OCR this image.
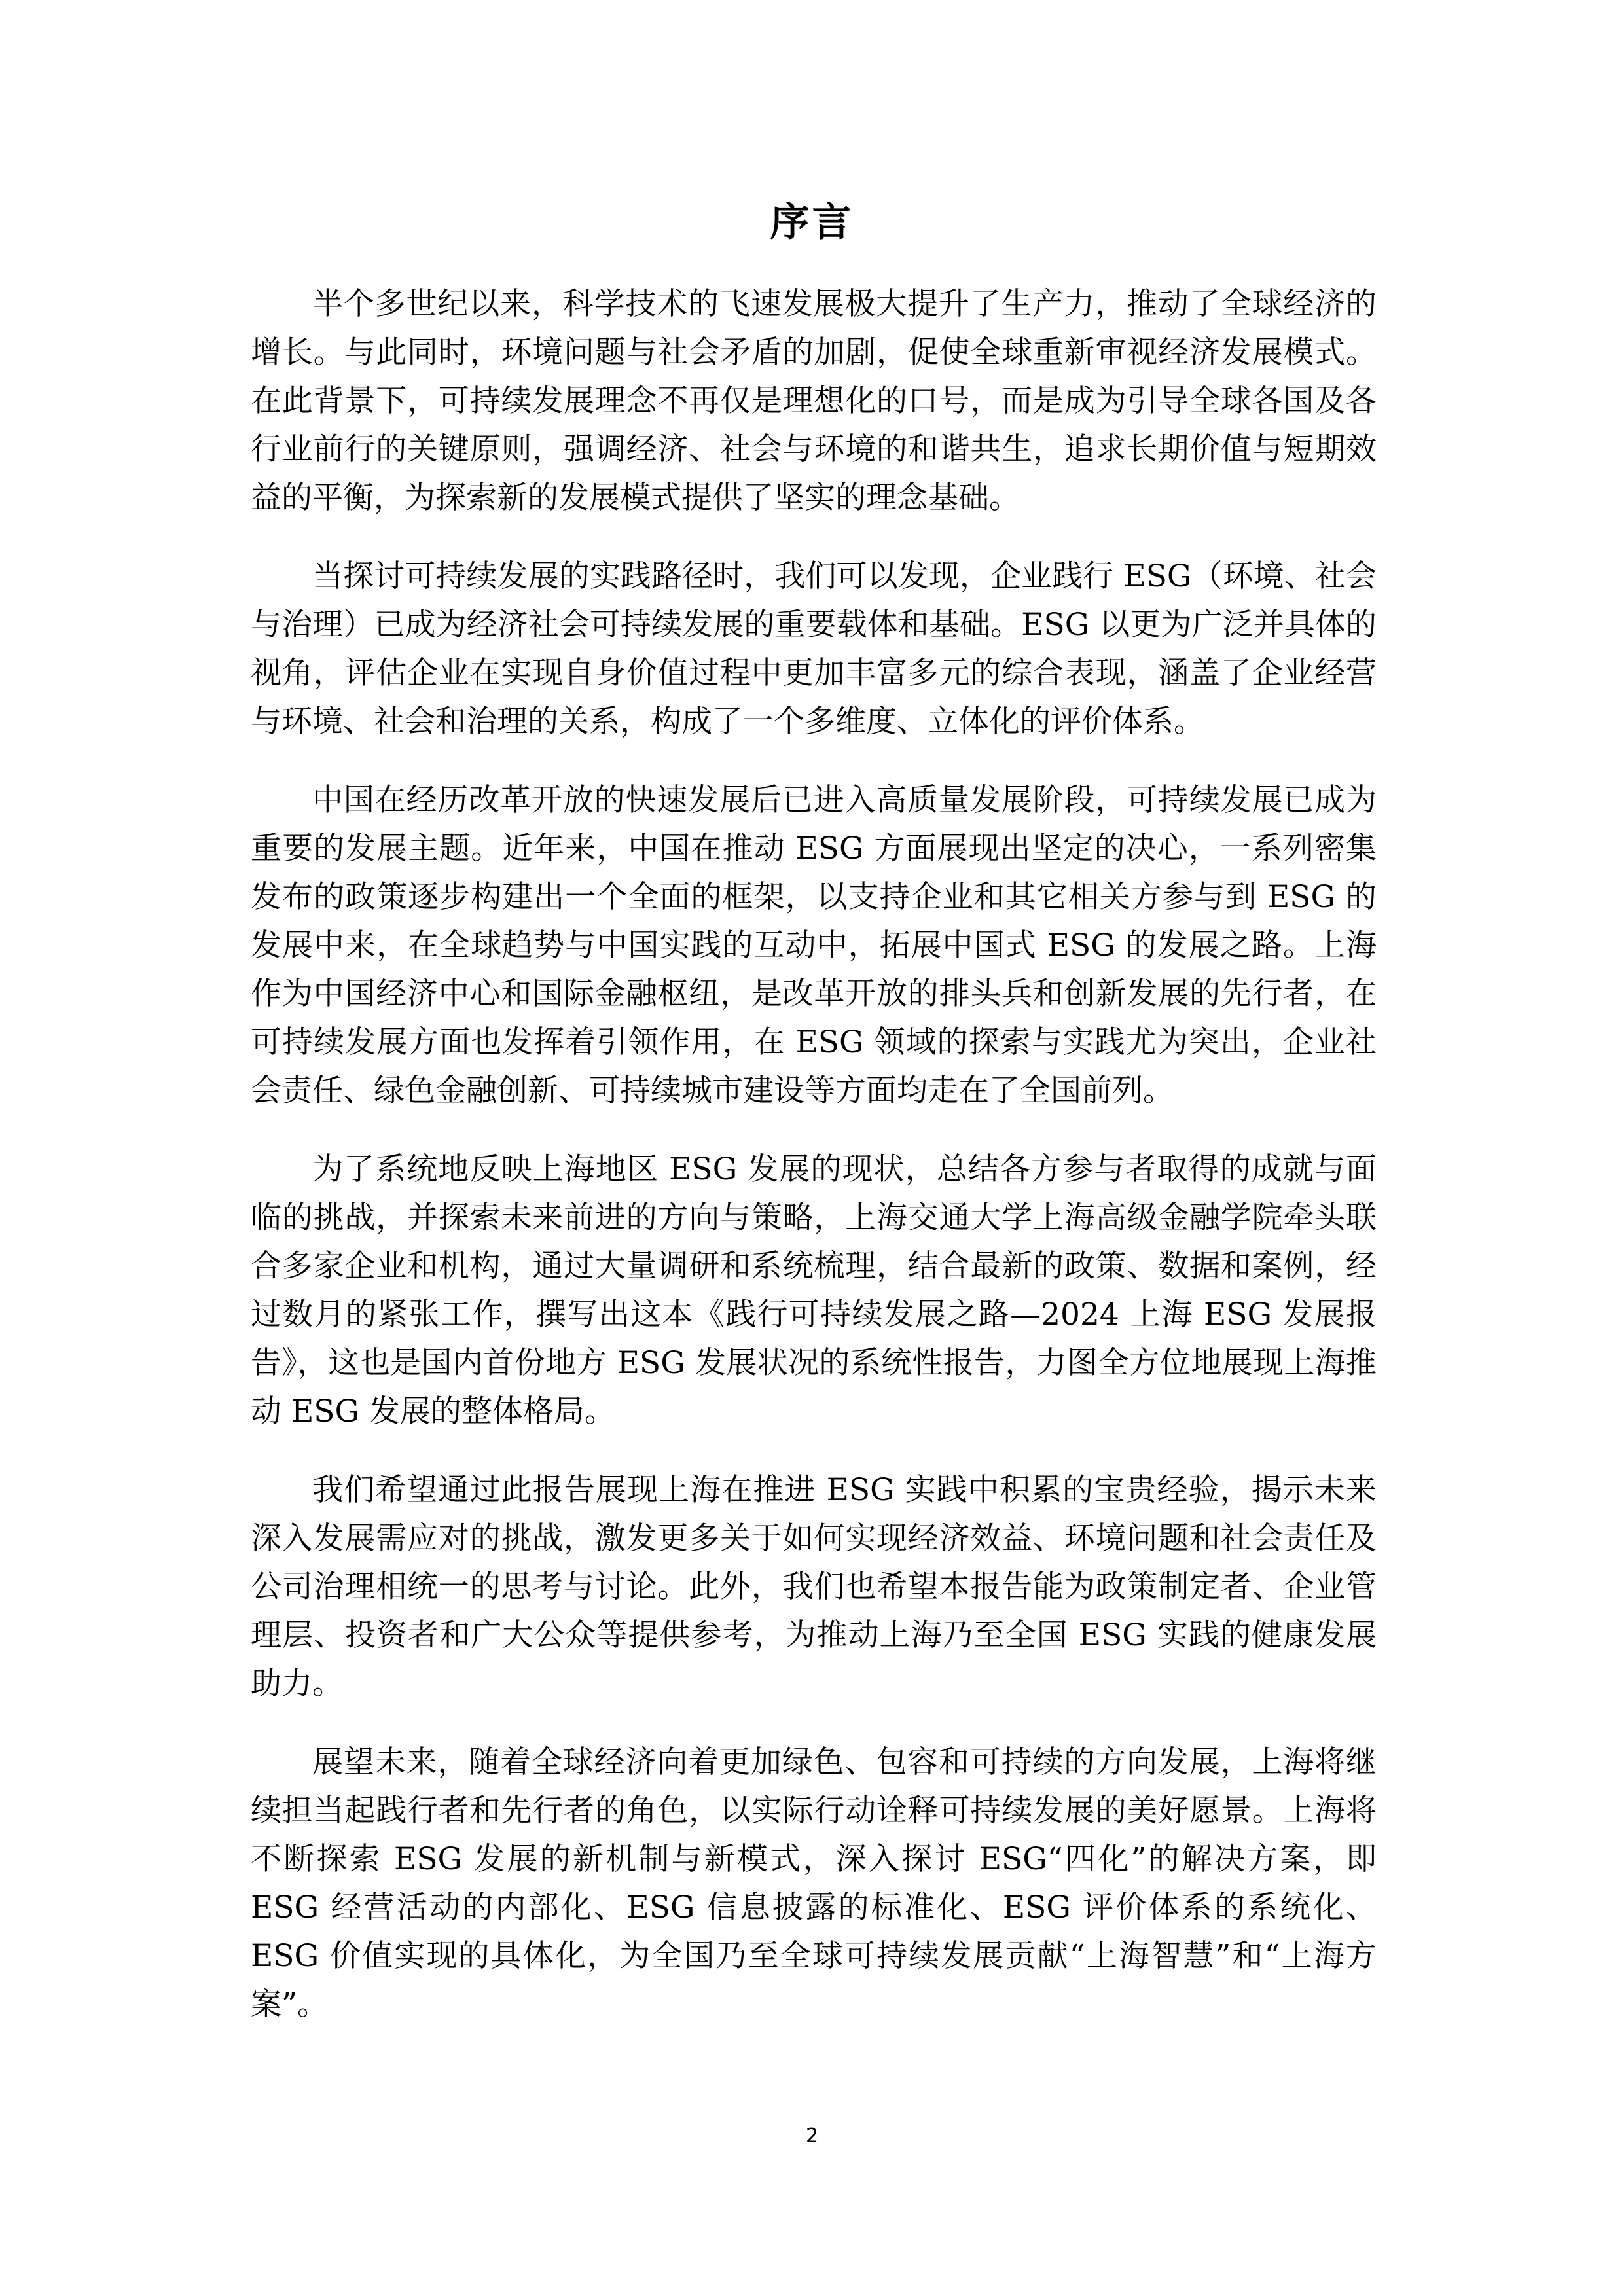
序言

半个多世纪以来，科学技术的飞速发展极大提升了生产力，推动了全球经济的增长。与此同时，环境问题与社会矛盾的加剧，促使全球重新审视经济发展模式。在此背景下，可持续发展理念不再仅是理想化的口号，而是成为引导全球各国及各行业前行的关键原则，强调经济、社会与环境的和谐共生，追求长期价值与短期效益的平衡，为探索新的发展模式提供了坚实的理念基础。

当探讨可持续发展的实践路径时，我们可以发现，企业践行 ESG（环境、社会与治理）已成为经济社会可持续发展的重要载体和基础。ESG 以更为广泛并具体的视角，评估企业在实现自身价值过程中更加丰富多元的综合表现，涵盖了企业经营与环境、社会和治理的关系，构成了一个多维度、立体化的评价体系。

中国在经历改革开放的快速发展后已进入高质量发展阶段，可持续发展已成为重要的发展主题。近年来，中国在推动 ESG 方面展现出坚定的决心，一系列密集发布的政策逐步构建出一个全面的框架，以支持企业和其它相关方参与到 ESG 的发展中来，在全球趋势与中国实践的互动中，拓展中国式 ESG 的发展之路。上海作为中国经济中心和国际金融枢纽，是改革开放的排头兵和创新发展的先行者，在可持续发展方面也发挥着引领作用，在 ESG 领域的探索与实践尤为突出，企业社会责任、绿色金融创新、可持续城市建设等方面均走在了全国前列。

为了系统地反映上海地区 ESG 发展的现状，总结各方参与者取得的成就与面临的挑战，并探索未来前进的方向与策略，上海交通大学上海高级金融学院牵头联合多家企业和机构，通过大量调研和系统梳理，结合最新的政策、数据和案例，经过数月的紧张工作，撰写出这本《践行可持续发展之路—2024 上海 ESG 发展报告》，这也是国内首份地方 ESG 发展状况的系统性报告，力图全方位地展现上海推动 ESG 发展的整体格局。

我们希望通过此报告展现上海在推进 ESG 实践中积累的宝贵经验，揭示未来深入发展需应对的挑战，激发更多关于如何实现经济效益、环境问题和社会责任及公司治理相统一的思考与讨论。此外，我们也希望本报告能为政策制定者、企业管理层、投资者和广大公众等提供参考，为推动上海乃至全国 ESG 实践的健康发展助力。

展望未来，随着全球经济向着更加绿色、包容和可持续的方向发展，上海将继续担当起践行者和先行者的角色，以实际行动诠释可持续发展的美好愿景。上海将不断探索 ESG 发展的新机制与新模式，深入探讨 ESG“四化”的解决方案，即 ESG 经营活动的内部化、ESG 信息披露的标准化、ESG 评价体系的系统化、ESG 价值实现的具体化，为全国乃至全球可持续发展贡献“上海智慧”和“上海方案”。

2
